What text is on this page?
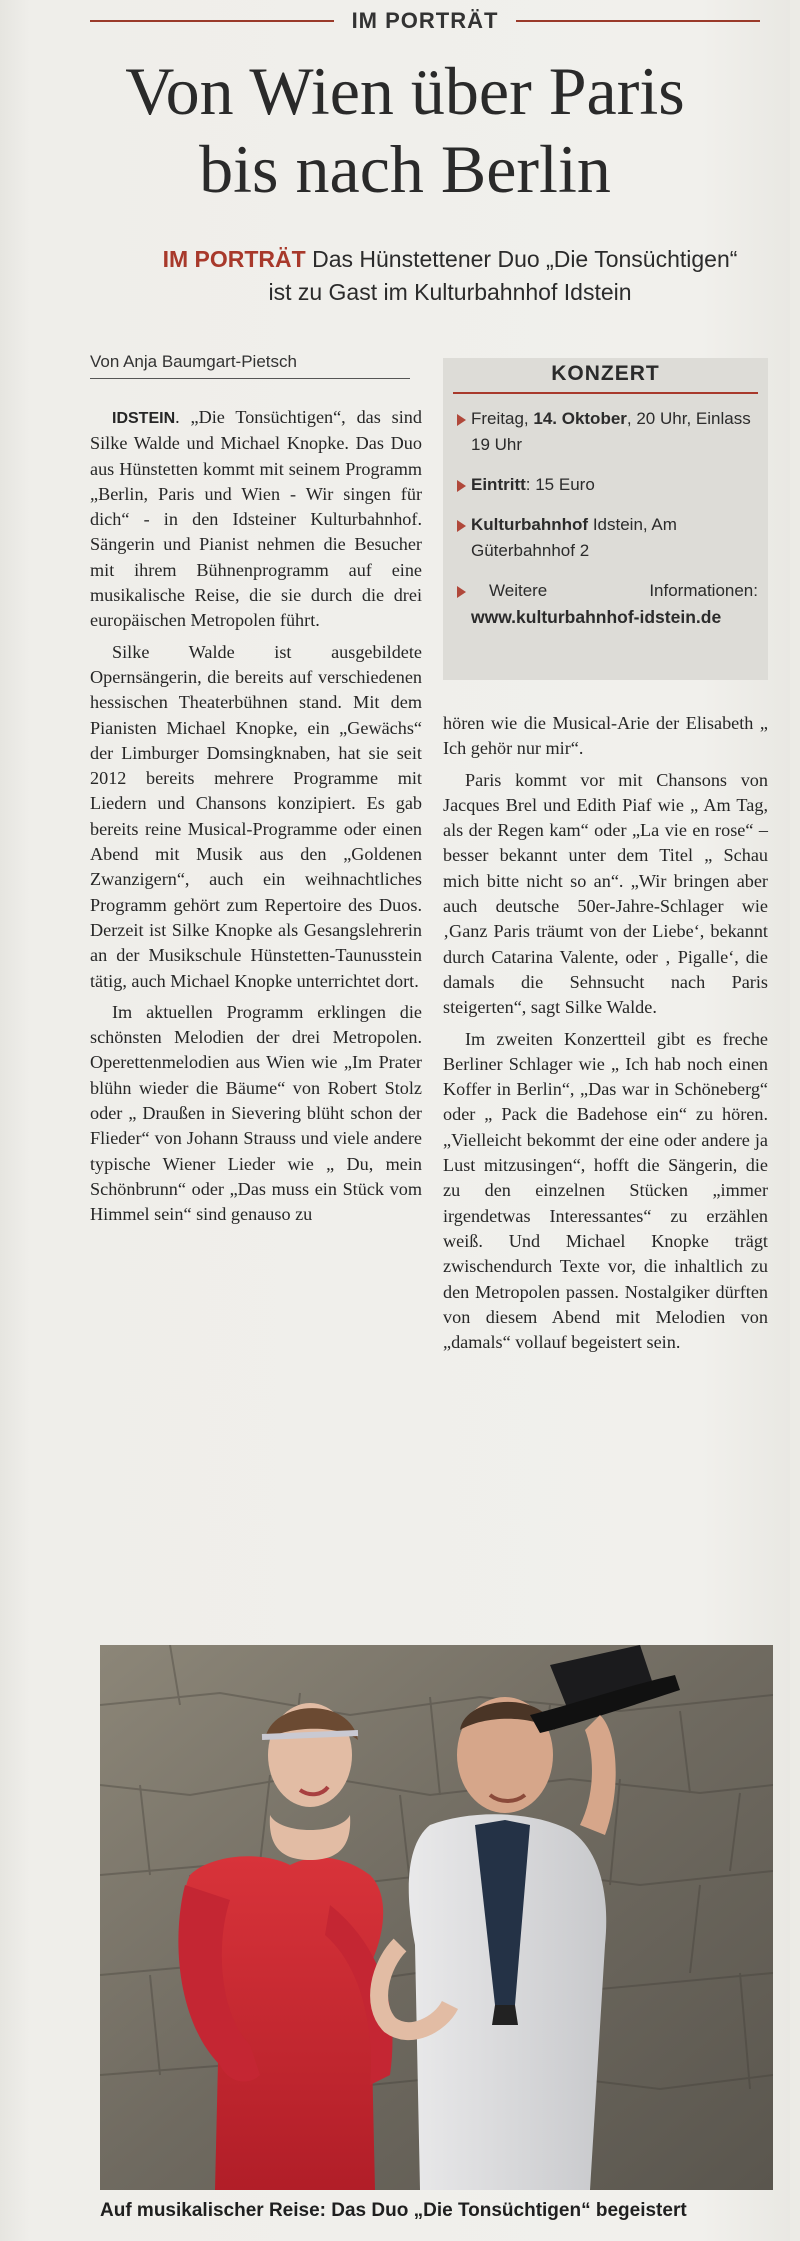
IM PORTRÄT
Von Wien über Paris
bis nach Berlin

IM PORTRÄT Das Hünstettener Duo „Die Tonsüchtigen“ ist zu Gast im Kulturbahnhof Idstein

Von Anja Baumgart-Pietsch
KONZERT
Freitag, 14. Oktober, 20 Uhr, Einlass 19 Uhr
Eintritt: 15 Euro
Kulturbahnhof Idstein, Am Güterbahnhof 2
Weitere	Informationen:
www.kulturbahnhof-idstein.de

IDSTEIN. „Die Tonsüchtigen“, das sind Silke Walde und Michael Knopke. Das Duo aus Hünstetten kommt mit seinem Programm „Berlin, Paris und Wien - Wir singen für dich“ - in den Idsteiner Kulturbahnhof. Sängerin und Pianist nehmen die Besucher mit ihrem Bühnenprogramm auf eine musikalische Reise, die sie durch die drei europäischen Metropolen führt.

Silke Walde ist ausgebildete Opernsängerin, die bereits auf verschiedenen hessischen Theaterbühnen stand. Mit dem Pianisten Michael Knopke, ein „Gewächs“ der Limburger Domsingknaben, hat sie seit 2012 bereits mehrere Programme mit Liedern und Chansons konzipiert. Es gab bereits reine Musical-Programme oder einen Abend mit Musik aus den „Goldenen Zwanzigern“, auch ein weihnachtliches Programm gehört zum Repertoire des Duos. Derzeit ist Silke Knopke als Gesangslehrerin an der Musikschule Hünstetten-Taunusstein tätig, auch Michael Knopke unterrichtet dort.

Im aktuellen Programm erklingen die schönsten Melodien der drei Metropolen. Operettenmelodien aus Wien wie „Im Prater blühn wieder die Bäume“ von Robert Stolz oder „ Draußen in Sievering blüht schon der Flieder“ von Johann Strauss und viele andere typische Wiener Lieder wie „ Du, mein Schönbrunn“ oder „Das muss ein Stück vom Himmel sein“ sind genauso zu

hören wie die Musical-Arie der Elisabeth „ Ich gehör nur mir“.

Paris kommt vor mit Chansons von Jacques Brel und Edith Piaf wie „ Am Tag, als der Regen kam“ oder „La vie en rose“ – besser bekannt unter dem Titel „ Schau mich bitte nicht so an“. „Wir bringen aber auch deutsche 50er-Jahre-Schlager wie ‚Ganz Paris träumt von der Liebe‘, bekannt durch Catarina Valente, oder ‚ Pigalle‘, die damals die Sehnsucht nach Paris steigerten“, sagt Silke Walde.

Im zweiten Konzertteil gibt es freche Berliner Schlager wie „ Ich hab noch einen Koffer in Berlin“, „Das war in Schöneberg“ oder „ Pack die Badehose ein“ zu hören. „Vielleicht bekommt der eine oder andere ja Lust mitzusingen“, hofft die Sängerin, die zu den einzelnen Stücken „immer irgendetwas Interessantes“ zu erzählen weiß. Und Michael Knopke trägt zwischendurch Texte vor, die inhaltlich zu den Metropolen passen. Nostalgiker dürften von diesem Abend mit Melodien von „damals“ vollauf begeistert sein.

Auf musikalischer Reise: Das Duo „Die Tonsüchtigen“ begeistert
